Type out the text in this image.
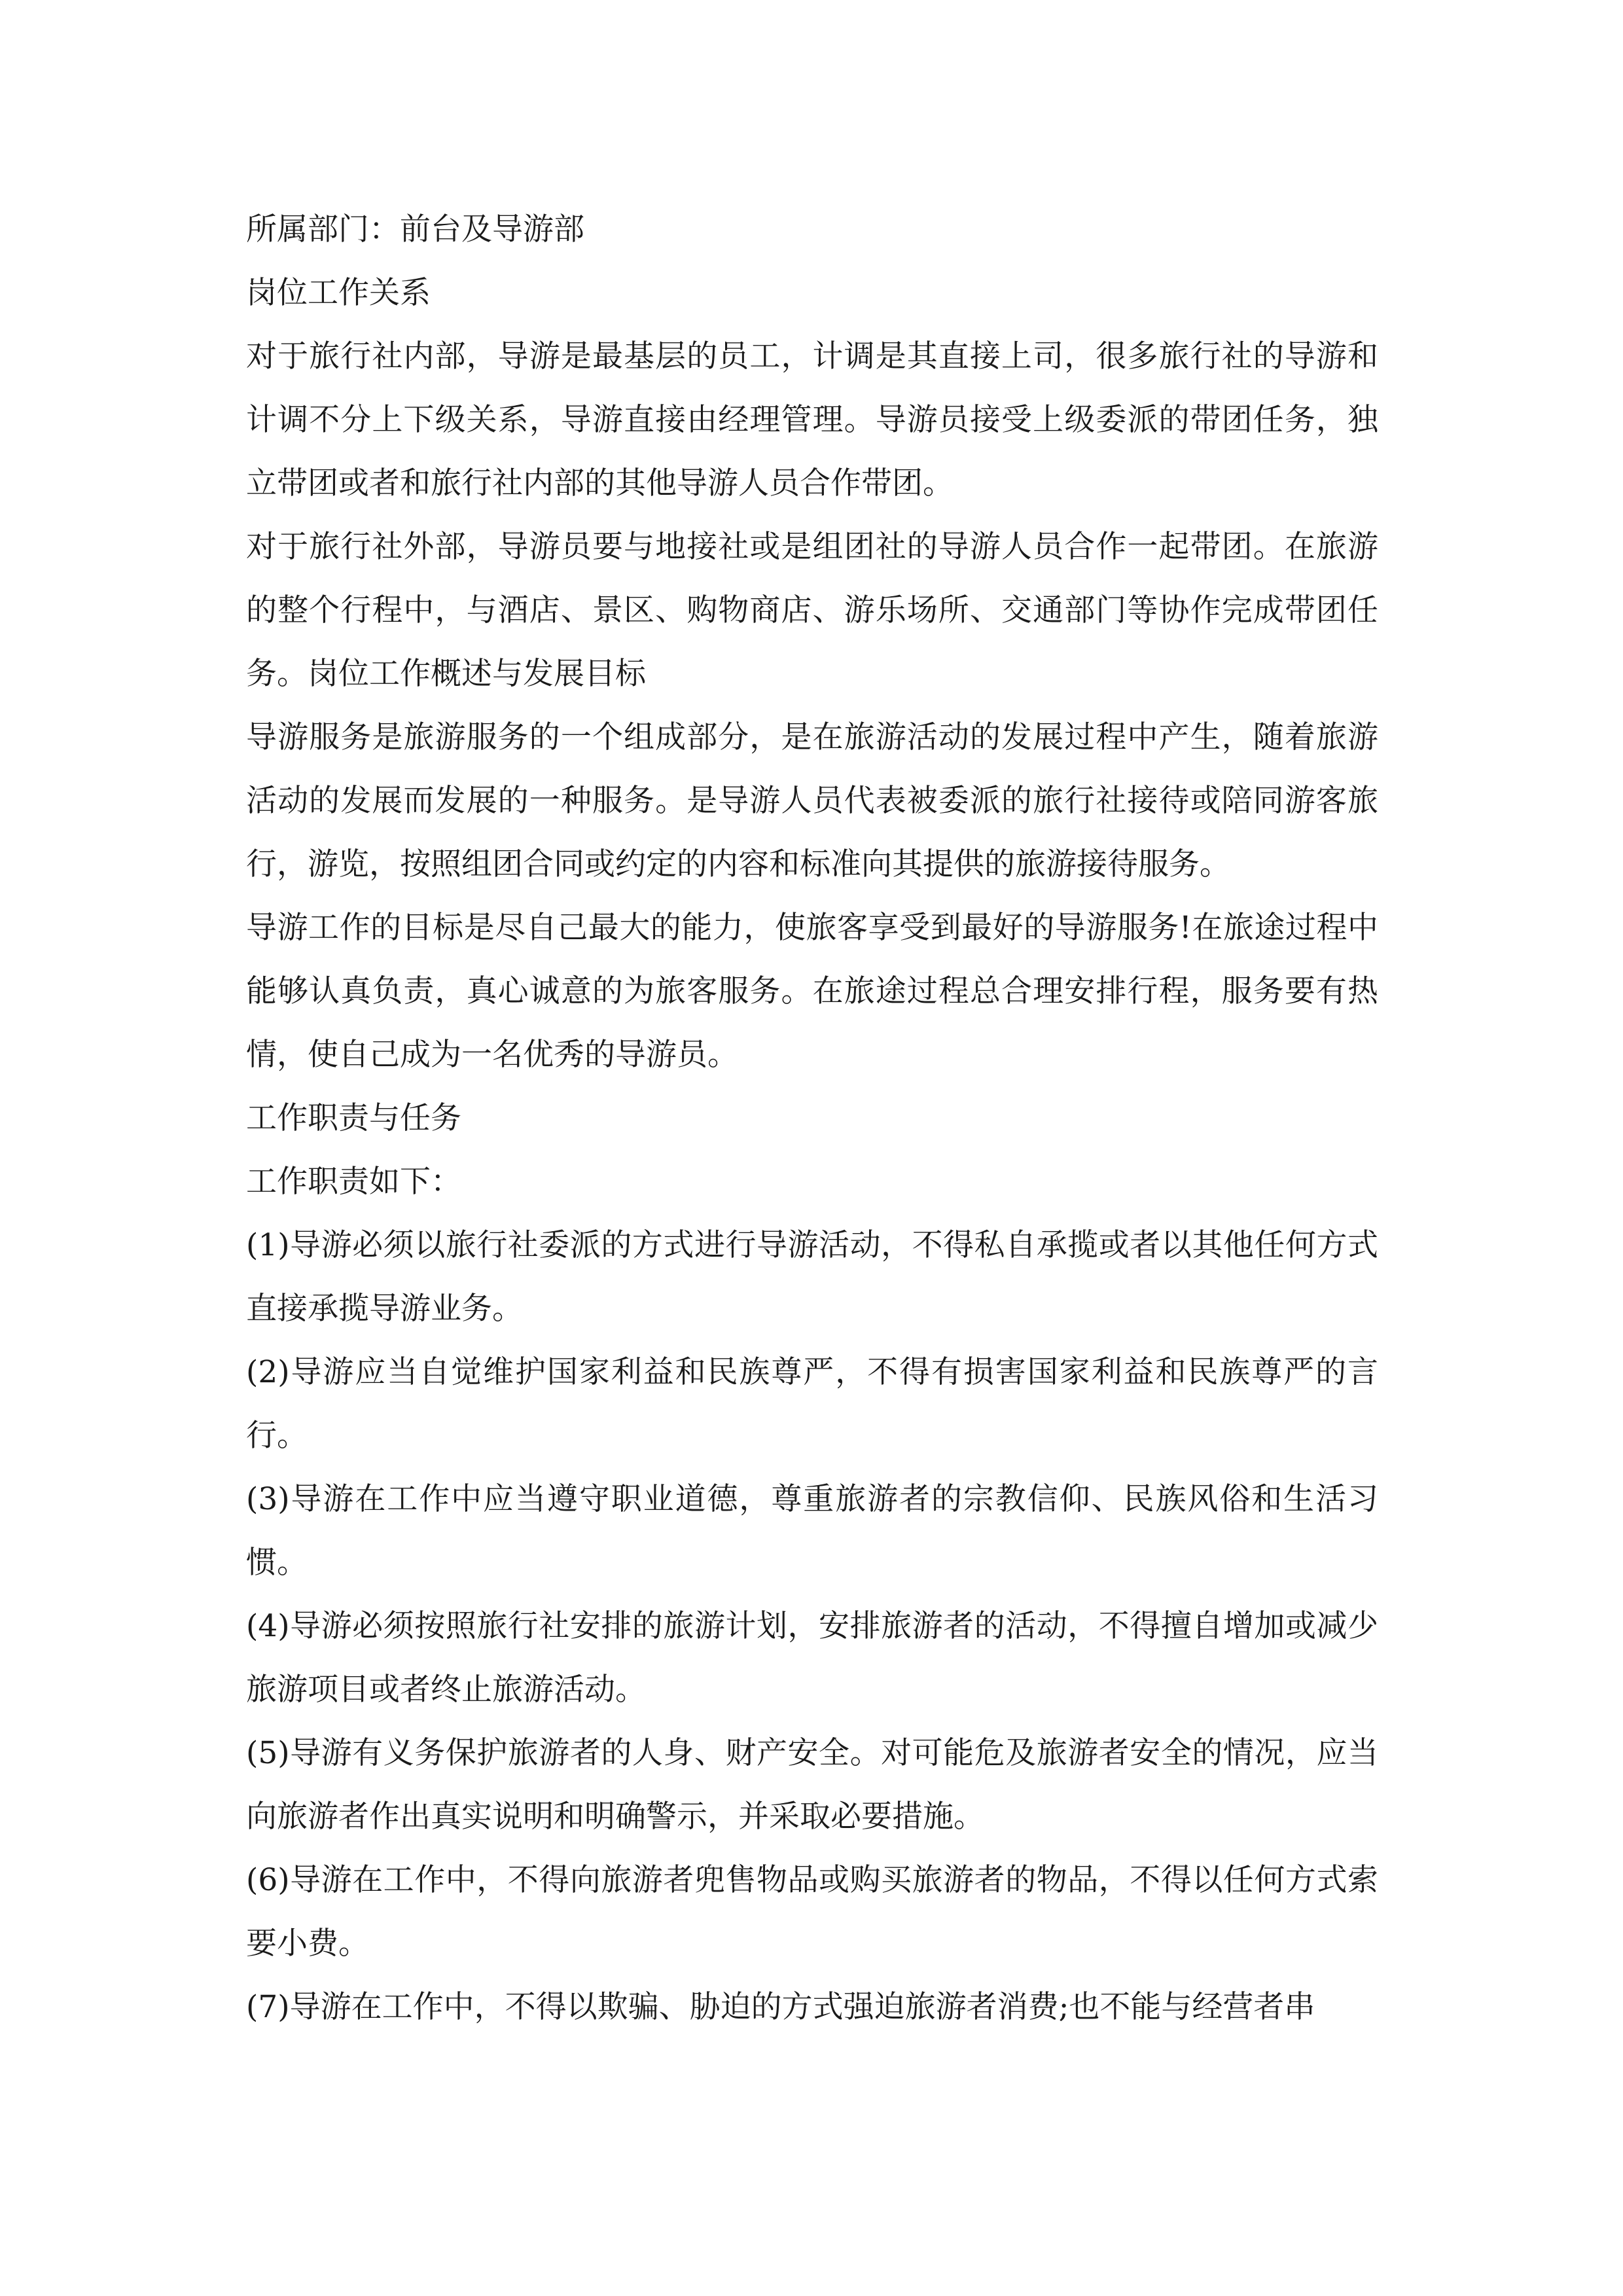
所属部门：前台及导游部

岗位工作关系

对于旅行社内部，导游是最基层的员工，计调是其直接上司，很多旅行社的导游和计调不分上下级关系，导游直接由经理管理。导游员接受上级委派的带团任务，独立带团或者和旅行社内部的其他导游人员合作带团。

对于旅行社外部，导游员要与地接社或是组团社的导游人员合作一起带团。在旅游的整个行程中，与酒店、景区、购物商店、游乐场所、交通部门等协作完成带团任务。岗位工作概述与发展目标

导游服务是旅游服务的一个组成部分，是在旅游活动的发展过程中产生，随着旅游活动的发展而发展的一种服务。是导游人员代表被委派的旅行社接待或陪同游客旅行，游览，按照组团合同或约定的内容和标准向其提供的旅游接待服务。

导游工作的目标是尽自己最大的能力，使旅客享受到最好的导游服务!在旅途过程中能够认真负责，真心诚意的为旅客服务。在旅途过程总合理安排行程，服务要有热情，使自己成为一名优秀的导游员。

工作职责与任务

工作职责如下：

(1)导游必须以旅行社委派的方式进行导游活动，不得私自承揽或者以其他任何方式直接承揽导游业务。

(2)导游应当自觉维护国家利益和民族尊严，不得有损害国家利益和民族尊严的言行。

(3)导游在工作中应当遵守职业道德，尊重旅游者的宗教信仰、民族风俗和生活习惯。

(4)导游必须按照旅行社安排的旅游计划，安排旅游者的活动，不得擅自增加或减少旅游项目或者终止旅游活动。

(5)导游有义务保护旅游者的人身、财产安全。对可能危及旅游者安全的情况，应当向旅游者作出真实说明和明确警示，并采取必要措施。

(6)导游在工作中，不得向旅游者兜售物品或购买旅游者的物品，不得以任何方式索要小费。

(7)导游在工作中，不得以欺骗、胁迫的方式强迫旅游者消费;也不能与经营者串
